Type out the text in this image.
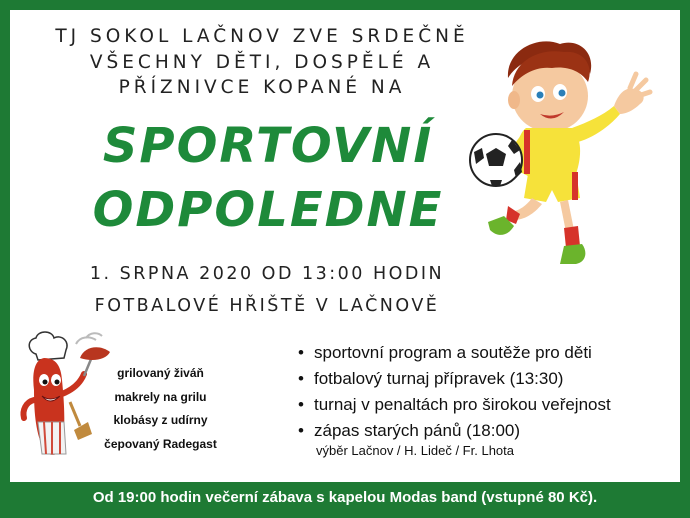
TJ SOKOL LAČNOV ZVE SRDEČNĚ
VŠECHNY DĚTI, DOSPĚLÉ A
PŘÍZNIVCE KOPANÉ NA
SPORTOVNÍ
ODPOLEDNE
1. SRPNA 2020 OD 13:00 HODIN
FOTBALOVÉ HŘIŠTĚ V LAČNOVĚ
grilovaný živáň
makrely na grilu
klobásy z udírny
čepovaný Radegast
• sportovní program a soutěže pro děti
• fotbalový turnaj přípravek (13:30)
• turnaj v penaltách pro širokou veřejnost
• zápas starých pánů (18:00)
výběr Lačnov / H. Lideč / Fr. Lhota
Od 19:00 hodin večerní zábava s kapelou Modas band (vstupné 80 Kč).
